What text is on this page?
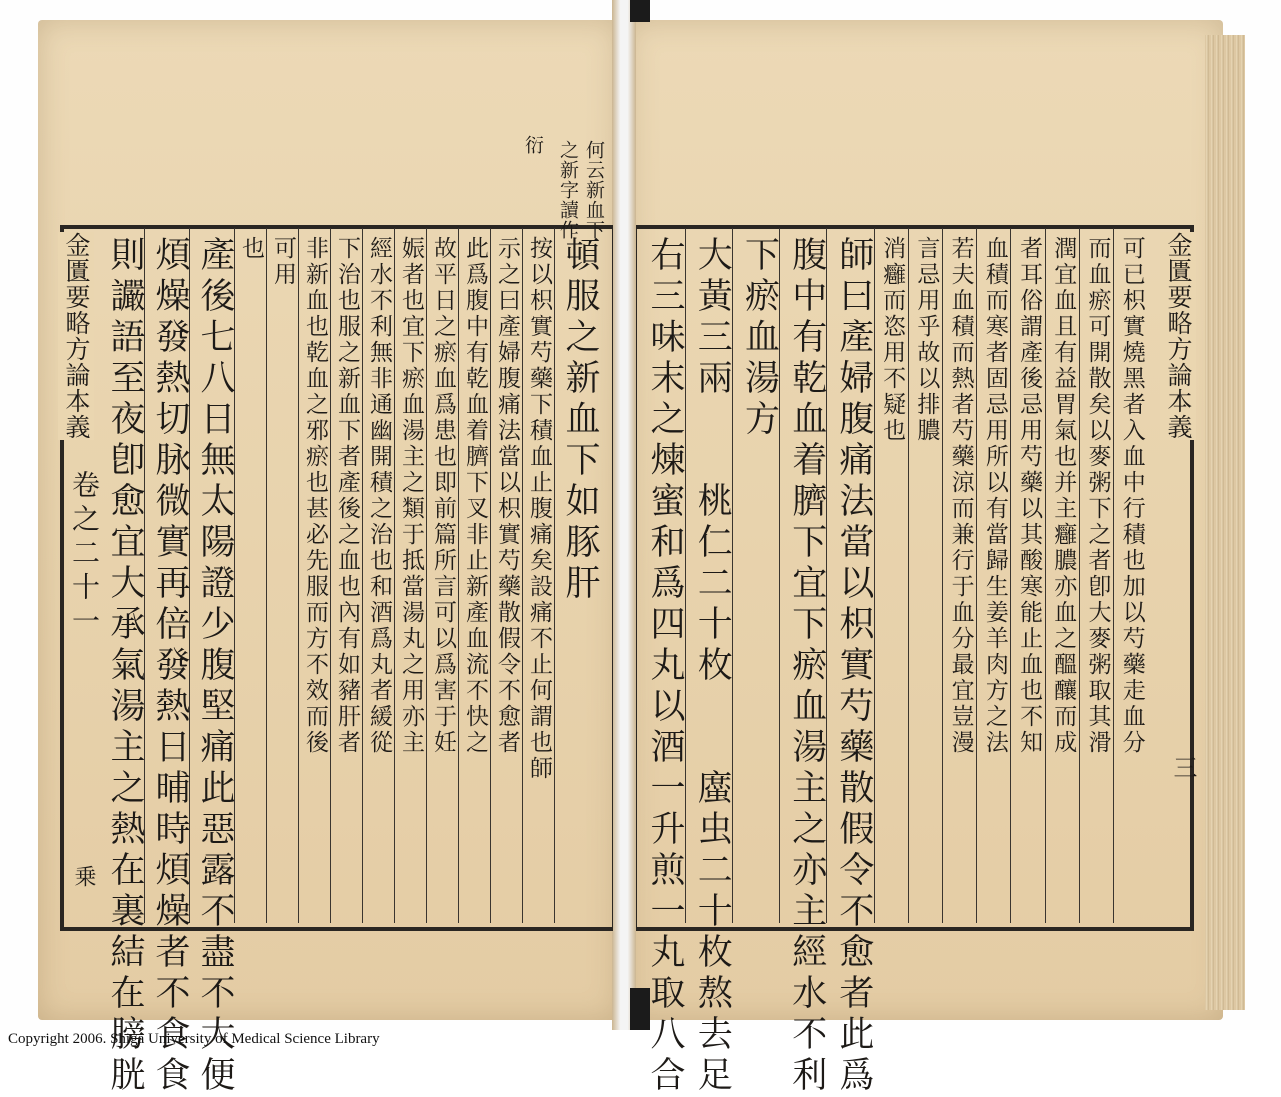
何云新血下
之新字讀作
衍
頓服之新血下如豚肝
按以枳實芍藥下積血止腹痛矣設痛不止何謂也師
示之曰產婦腹痛法當以枳實芍藥散假令不愈者
此爲腹中有乾血着臍下叉非止新產血流不快之
故平日之瘀血爲患也即前篇所言可以爲害于妊
娠者也宜下瘀血湯主之類于抵當湯丸之用亦主
經水不利無非通幽開積之治也和酒爲丸者緩從
下治也服之新血下者產後之血也內有如豬肝者
非新血也乾血之邪瘀也甚必先服而方不效而後
可用
也
產後七八日無太陽證少腹堅痛此惡露不盡不大便
煩燥發熱切脉微實再倍發熱日晡時煩燥者不食食
則讝語至夜卽愈宜大承氣湯主之熱在裏結在膀胱
金匱要略方論本義
卷之二十一
乗
可已枳實燒黑者入血中行積也加以芍藥走血分
而血瘀可開散矣以麥粥下之者卽大麥粥取其滑
潤宜血且有益胃氣也并主癰膿亦血之醞釀而成
者耳俗謂產後忌用芍藥以其酸寒能止血也不知
血積而寒者固忌用所以有當歸生姜羊肉方之法
若夫血積而熱者芍藥涼而兼行于血分最宜豈漫
言忌用乎故以排膿
消癰而恣用不疑也
師曰產婦腹痛法當以枳實芍藥散假令不愈者此爲
腹中有乾血着臍下宜下瘀血湯主之亦主經水不利
下瘀血湯方
大黃三兩　　桃仁二十枚　　䗪虫二十枚熬去足
右三味末之煉蜜和爲四丸以酒一升煎一丸取八合	金匱要略方論本義
三

Copyright 2006. Shiga University of Medical Science Library
